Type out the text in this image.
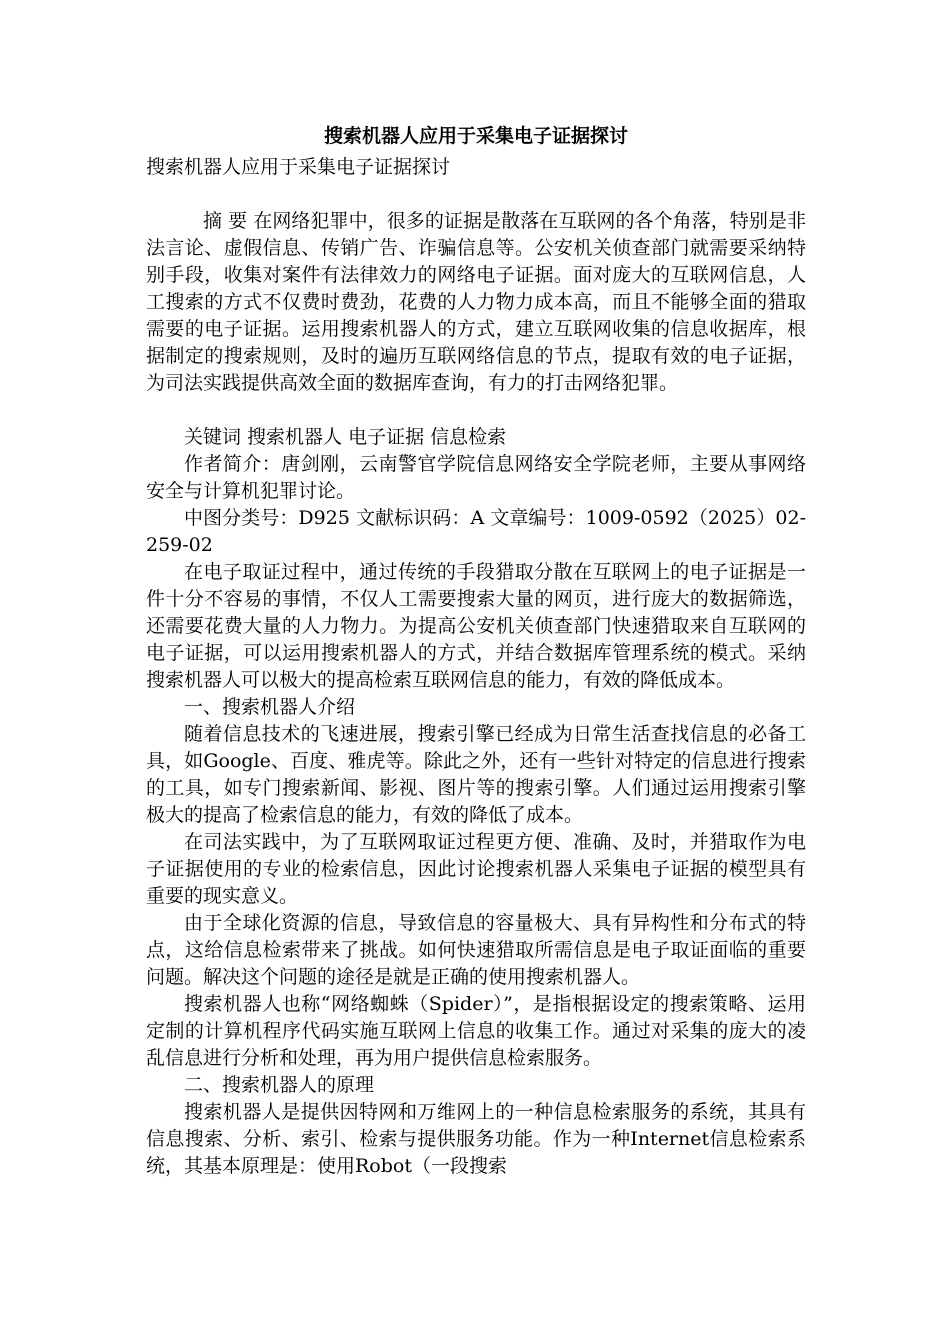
搜索机器人应用于采集电子证据探讨
搜索机器人应用于采集电子证据探讨

摘 要 在网络犯罪中，很多的证据是散落在互联网的各个角落，特别是非法言论、虚假信息、传销广告、诈骗信息等。公安机关侦查部门就需要采纳特别手段，收集对案件有法律效力的网络电子证据。面对庞大的互联网信息，人工搜索的方式不仅费时费劲，花费的人力物力成本高，而且不能够全面的猎取需要的电子证据。运用搜索机器人的方式，建立互联网收集的信息收据库，根据制定的搜索规则，及时的遍历互联网络信息的节点，提取有效的电子证据，为司法实践提供高效全面的数据库查询，有力的打击网络犯罪。

关键词 搜索机器人 电子证据 信息检索

作者简介：唐剑刚，云南警官学院信息网络安全学院老师，主要从事网络安全与计算机犯罪讨论。

中图分类号：D925 文献标识码：A 文章编号：1009-0592（2025）02-259-02

在电子取证过程中，通过传统的手段猎取分散在互联网上的电子证据是一件十分不容易的事情，不仅人工需要搜索大量的网页，进行庞大的数据筛选，还需要花费大量的人力物力。为提高公安机关侦查部门快速猎取来自互联网的电子证据，可以运用搜索机器人的方式，并结合数据库管理系统的模式。采纳搜索机器人可以极大的提高检索互联网信息的能力，有效的降低成本。

一、搜索机器人介绍

随着信息技术的飞速进展，搜索引擎已经成为日常生活查找信息的必备工具，如Google、百度、雅虎等。除此之外，还有一些针对特定的信息进行搜索的工具，如专门搜索新闻、影视、图片等的搜索引擎。人们通过运用搜索引擎极大的提高了检索信息的能力，有效的降低了成本。

在司法实践中，为了互联网取证过程更方便、准确、及时，并猎取作为电子证据使用的专业的检索信息，因此讨论搜索机器人采集电子证据的模型具有重要的现实意义。

由于全球化资源的信息，导致信息的容量极大、具有异构性和分布式的特点，这给信息检索带来了挑战。如何快速猎取所需信息是电子取证面临的重要问题。解决这个问题的途径是就是正确的使用搜索机器人。

搜索机器人也称“网络蜘蛛（Spider）”，是指根据设定的搜索策略、运用定制的计算机程序代码实施互联网上信息的收集工作。通过对采集的庞大的凌乱信息进行分析和处理，再为用户提供信息检索服务。

二、搜索机器人的原理

搜索机器人是提供因特网和万维网上的一种信息检索服务的系统，其具有信息搜索、分析、索引、检索与提供服务功能。作为一种Internet信息检索系统，其基本原理是：使用Robot（一段搜索
